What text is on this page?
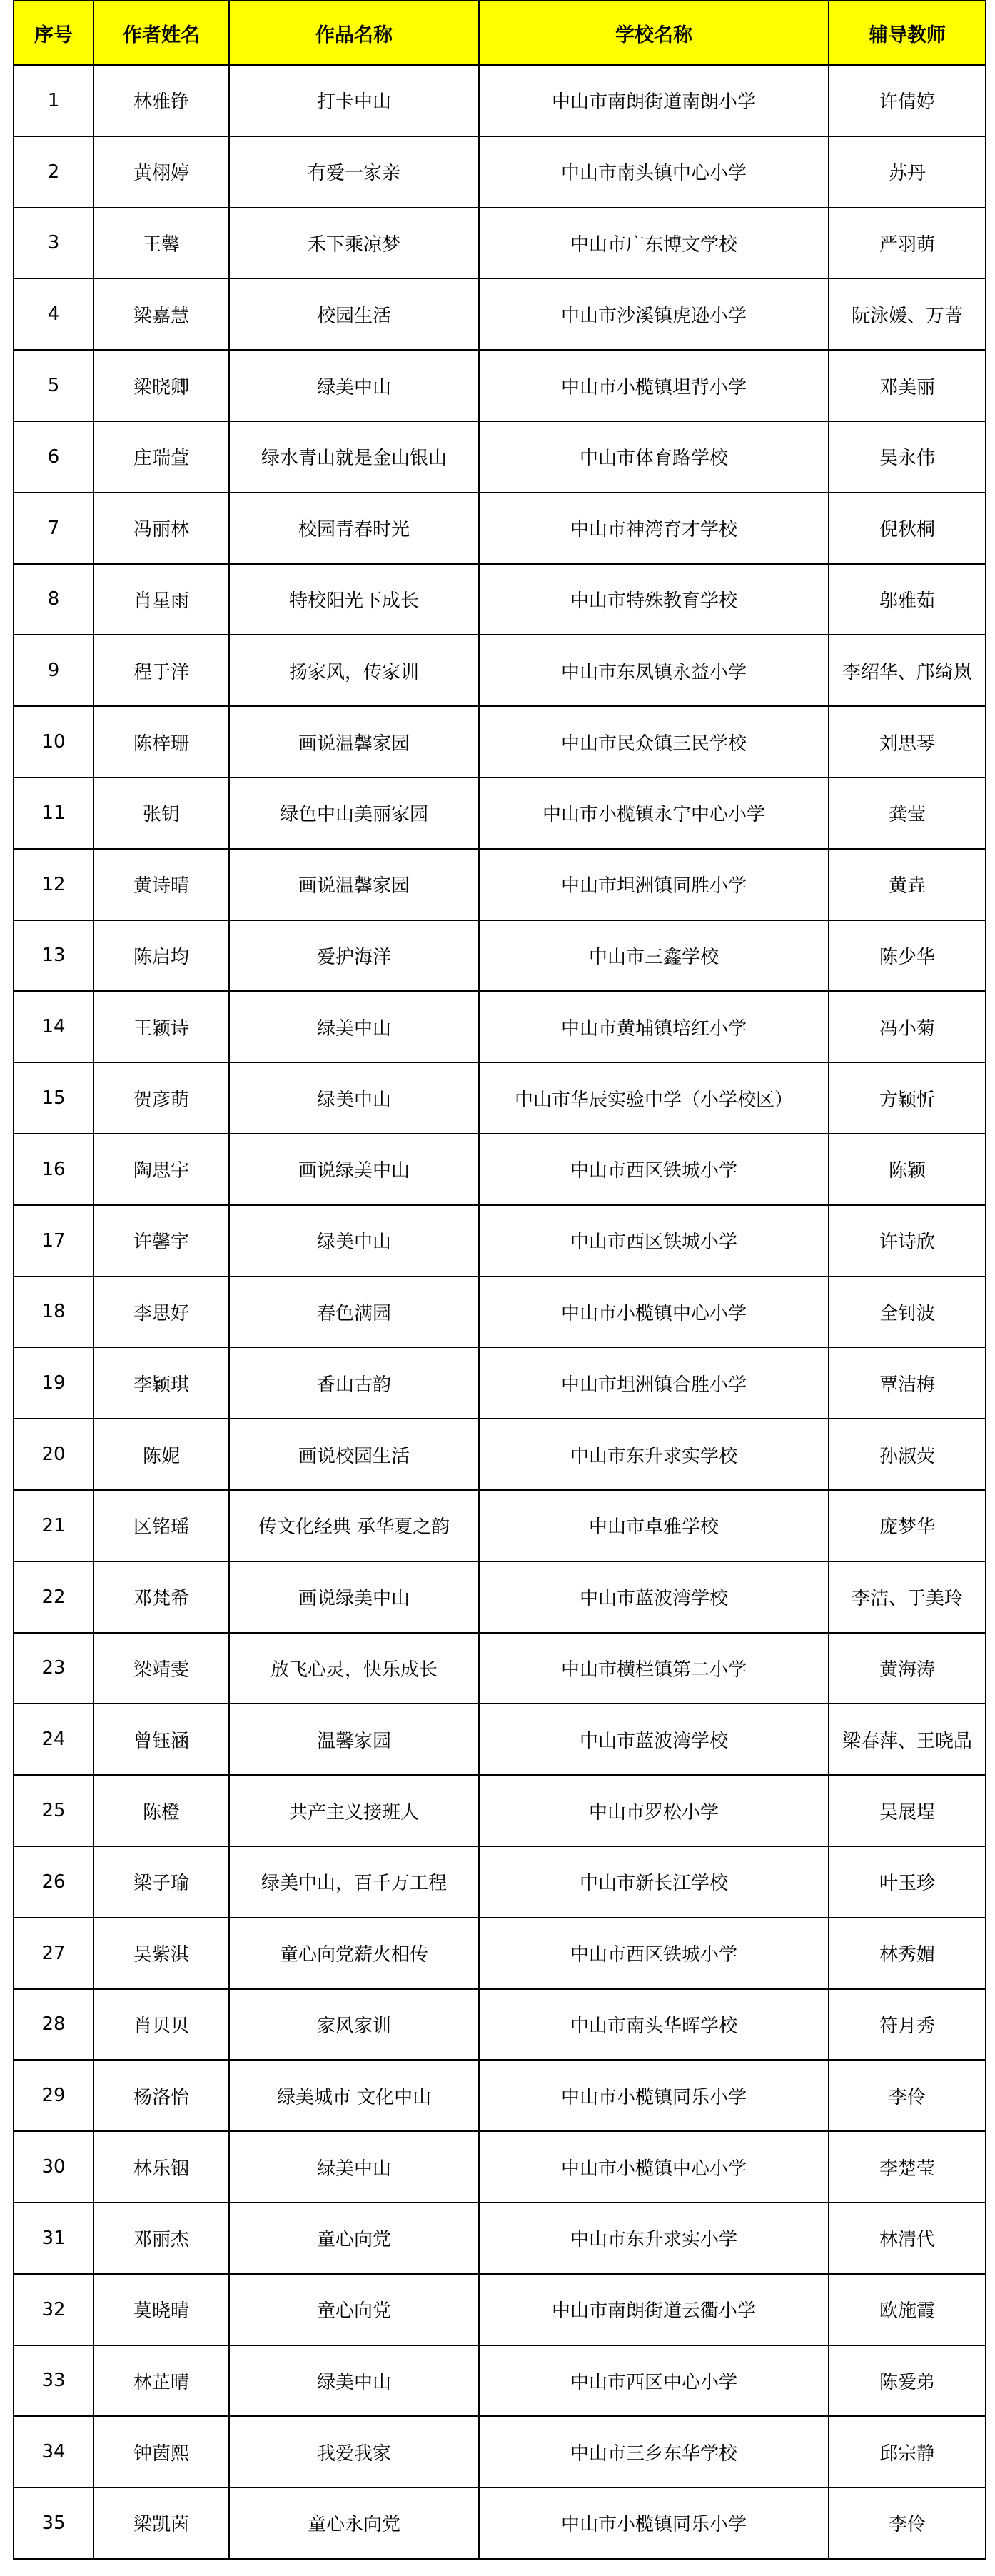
序号	作者姓名	作品名称	学校名称	辅导教师
1	林雅铮	打卡中山	中山市南朗街道南朗小学	许倩婷
2	黄栩婷	有爱一家亲	中山市南头镇中心小学	苏丹
3	王馨	禾下乘凉梦	中山市广东博文学校	严羽萌
4	梁嘉慧	校园生活	中山市沙溪镇虎逊小学	阮泳媛、万菁
5	梁晓卿	绿美中山	中山市小榄镇坦背小学	邓美丽
6	庄瑞萱	绿水青山就是金山银山	中山市体育路学校	吴永伟
7	冯丽林	校园青春时光	中山市神湾育才学校	倪秋桐
8	肖星雨	特校阳光下成长	中山市特殊教育学校	邬雅茹
9	程于洋	扬家风，传家训	中山市东凤镇永益小学	李绍华、邝绮岚
10	陈梓珊	画说温馨家园	中山市民众镇三民学校	刘思琴
11	张钥	绿色中山美丽家园	中山市小榄镇永宁中心小学	龚莹
12	黄诗晴	画说温馨家园	中山市坦洲镇同胜小学	黄垚
13	陈启均	爱护海洋	中山市三鑫学校	陈少华
14	王颖诗	绿美中山	中山市黄埔镇培红小学	冯小菊
15	贺彦萌	绿美中山	中山市华辰实验中学（小学校区）	方颖忻
16	陶思宇	画说绿美中山	中山市西区铁城小学	陈颖
17	许馨宇	绿美中山	中山市西区铁城小学	许诗欣
18	李思好	春色满园	中山市小榄镇中心小学	全钊波
19	李颖琪	香山古韵	中山市坦洲镇合胜小学	覃洁梅
20	陈妮	画说校园生活	中山市东升求实学校	孙淑荧
21	区铭瑶	传文化经典 承华夏之韵	中山市卓雅学校	庞梦华
22	邓梵希	画说绿美中山	中山市蓝波湾学校	李洁、于美玲
23	梁靖雯	放飞心灵，快乐成长	中山市横栏镇第二小学	黄海涛
24	曾钰涵	温馨家园	中山市蓝波湾学校	梁春萍、王晓晶
25	陈橙	共产主义接班人	中山市罗松小学	吴展埕
26	梁子瑜	绿美中山，百千万工程	中山市新长江学校	叶玉珍
27	吴紫淇	童心向党薪火相传	中山市西区铁城小学	林秀媚
28	肖贝贝	家风家训	中山市南头华晖学校	符月秀
29	杨洛怡	绿美城市 文化中山	中山市小榄镇同乐小学	李伶
30	林乐铟	绿美中山	中山市小榄镇中心小学	李楚莹
31	邓丽杰	童心向党	中山市东升求实小学	林清代
32	莫晓晴	童心向党	中山市南朗街道云衢小学	欧施霞
33	林芷晴	绿美中山	中山市西区中心小学	陈爱弟
34	钟茵熙	我爱我家	中山市三乡东华学校	邱宗静
35	梁凯茵	童心永向党	中山市小榄镇同乐小学	李伶
